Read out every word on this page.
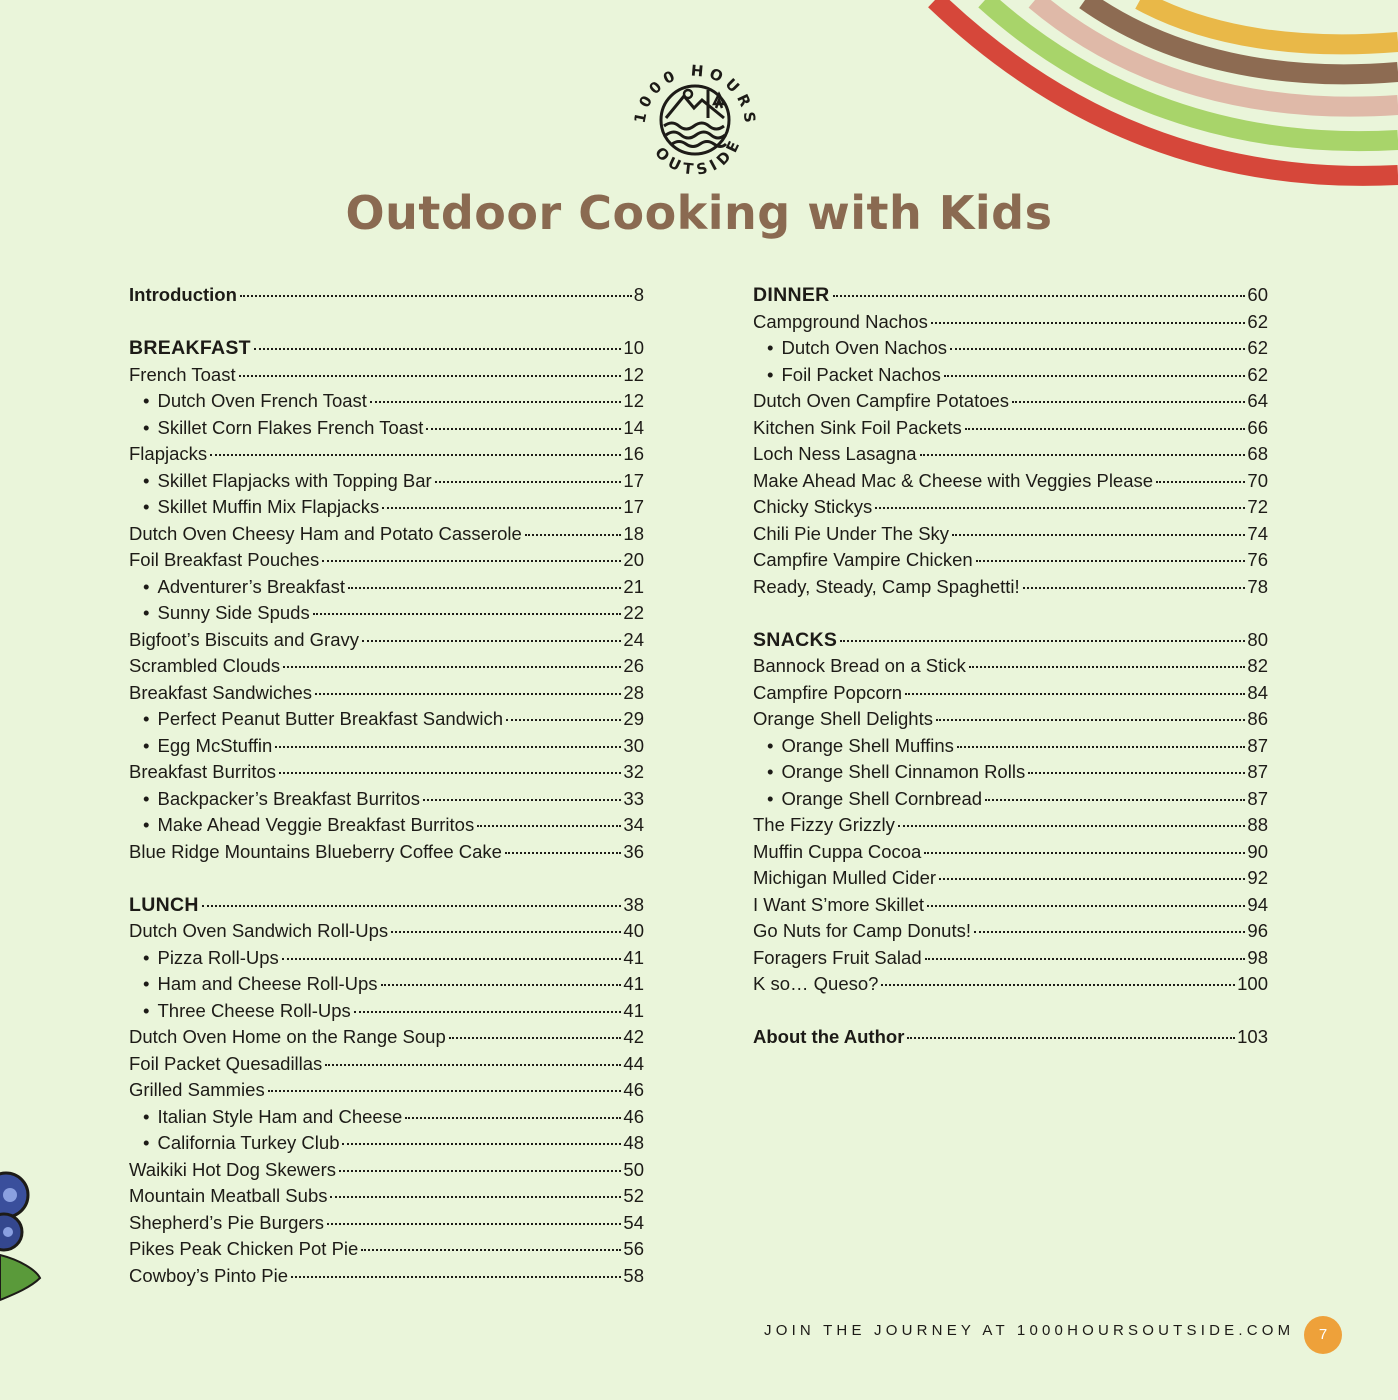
1000 HOURS
OUTSIDE
Outdoor Cooking with Kids
Introduction	8
BREAKFAST	10
French Toast	12
• Dutch Oven French Toast	12
• Skillet Corn Flakes French Toast	14
Flapjacks	16
• Skillet Flapjacks with Topping Bar	17
• Skillet Muffin Mix Flapjacks	17
Dutch Oven Cheesy Ham and Potato Casserole	18
Foil Breakfast Pouches	20
• Adventurer’s Breakfast	21
• Sunny Side Spuds	22
Bigfoot’s Biscuits and Gravy	24
Scrambled Clouds	26
Breakfast Sandwiches	28
• Perfect Peanut Butter Breakfast Sandwich	29
• Egg McStuffin	30
Breakfast Burritos	32
• Backpacker’s Breakfast Burritos	33
• Make Ahead Veggie Breakfast Burritos	34
Blue Ridge Mountains Blueberry Coffee Cake	36
LUNCH	38
Dutch Oven Sandwich Roll-Ups	40
• Pizza Roll-Ups	41
• Ham and Cheese Roll-Ups	41
• Three Cheese Roll-Ups	41
Dutch Oven Home on the Range Soup	42
Foil Packet Quesadillas	44
Grilled Sammies	46
• Italian Style Ham and Cheese	46
• California Turkey Club	48
Waikiki Hot Dog Skewers	50
Mountain Meatball Subs	52
Shepherd’s Pie Burgers	54
Pikes Peak Chicken Pot Pie	56
Cowboy’s Pinto Pie	58
DINNER	60
Campground Nachos	62
• Dutch Oven Nachos	62
• Foil Packet Nachos	62
Dutch Oven Campfire Potatoes	64
Kitchen Sink Foil Packets	66
Loch Ness Lasagna	68
Make Ahead Mac & Cheese with Veggies Please	70
Chicky Stickys	72
Chili Pie Under The Sky	74
Campfire Vampire Chicken	76
Ready, Steady, Camp Spaghetti!	78
SNACKS	80
Bannock Bread on a Stick	82
Campfire Popcorn	84
Orange Shell Delights	86
• Orange Shell Muffins	87
• Orange Shell Cinnamon Rolls	87
• Orange Shell Cornbread	87
The Fizzy Grizzly	88
Muffin Cuppa Cocoa	90
Michigan Mulled Cider	92
I Want S’more Skillet	94
Go Nuts for Camp Donuts!	96
Foragers Fruit Salad	98
K so… Queso?	100
About the Author	103
JOIN THE JOURNEY AT 1000HOURSOUTSIDE.COM	7
